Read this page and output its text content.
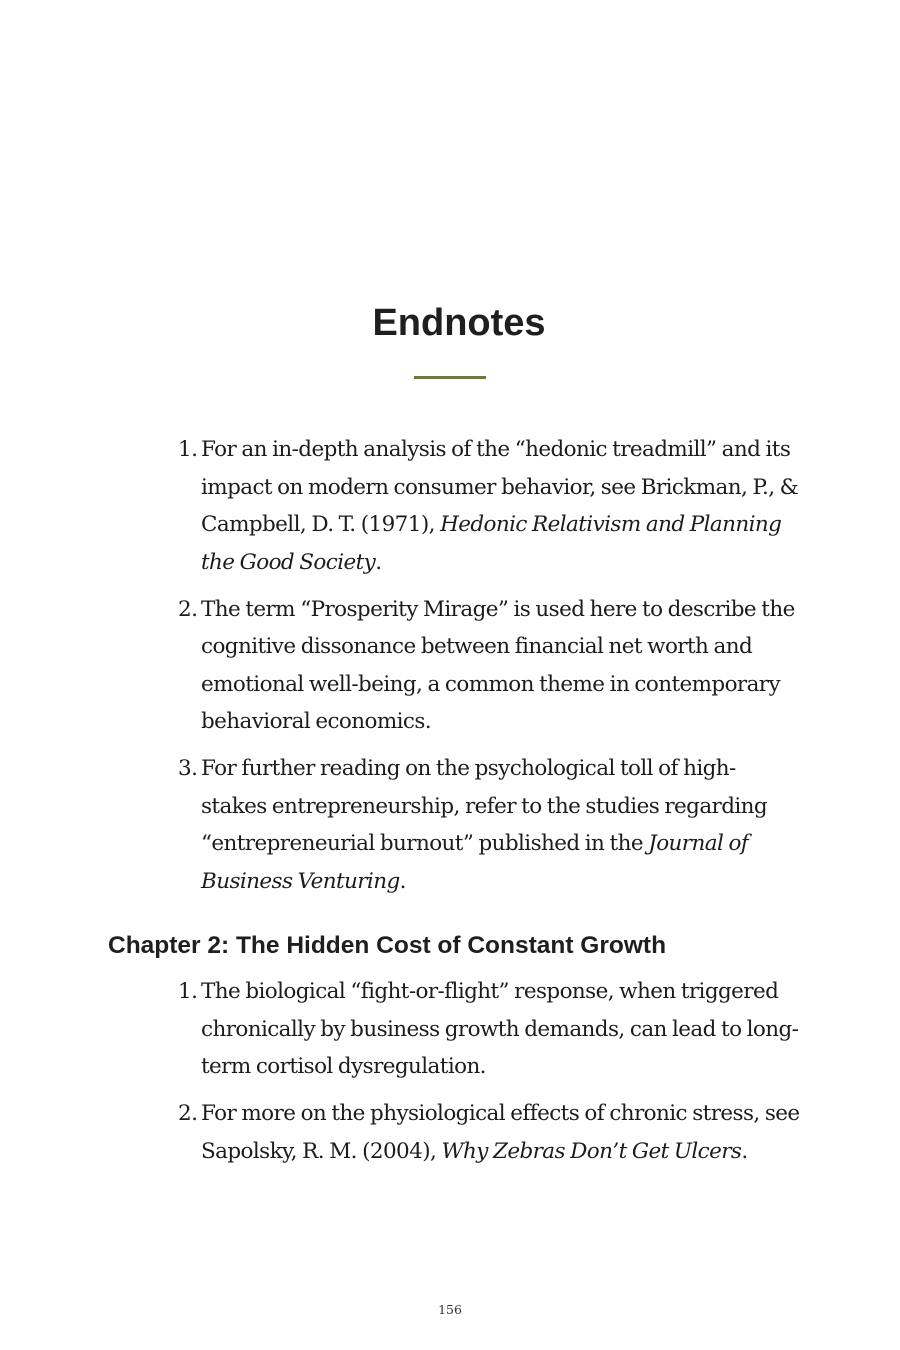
Endnotes
1. For an in-depth analysis of the “hedonic treadmill” and its impact on modern consumer behavior, see Brickman, P., & Campbell, D. T. (1971), Hedonic Relativism and Planning the Good Society.
2. The term “Prosperity Mirage” is used here to describe the cognitive dissonance between financial net worth and emotional well-being, a common theme in contemporary behavioral economics.
3. For further reading on the psychological toll of high-stakes entrepreneurship, refer to the studies regarding “entrepreneurial burnout” published in the Journal of Business Venturing.
Chapter 2: The Hidden Cost of Constant Growth
1. The biological “fight-or-flight” response, when triggered chronically by business growth demands, can lead to long-term cortisol dysregulation.
2. For more on the physiological effects of chronic stress, see Sapolsky, R. M. (2004), Why Zebras Don’t Get Ulcers.
156
